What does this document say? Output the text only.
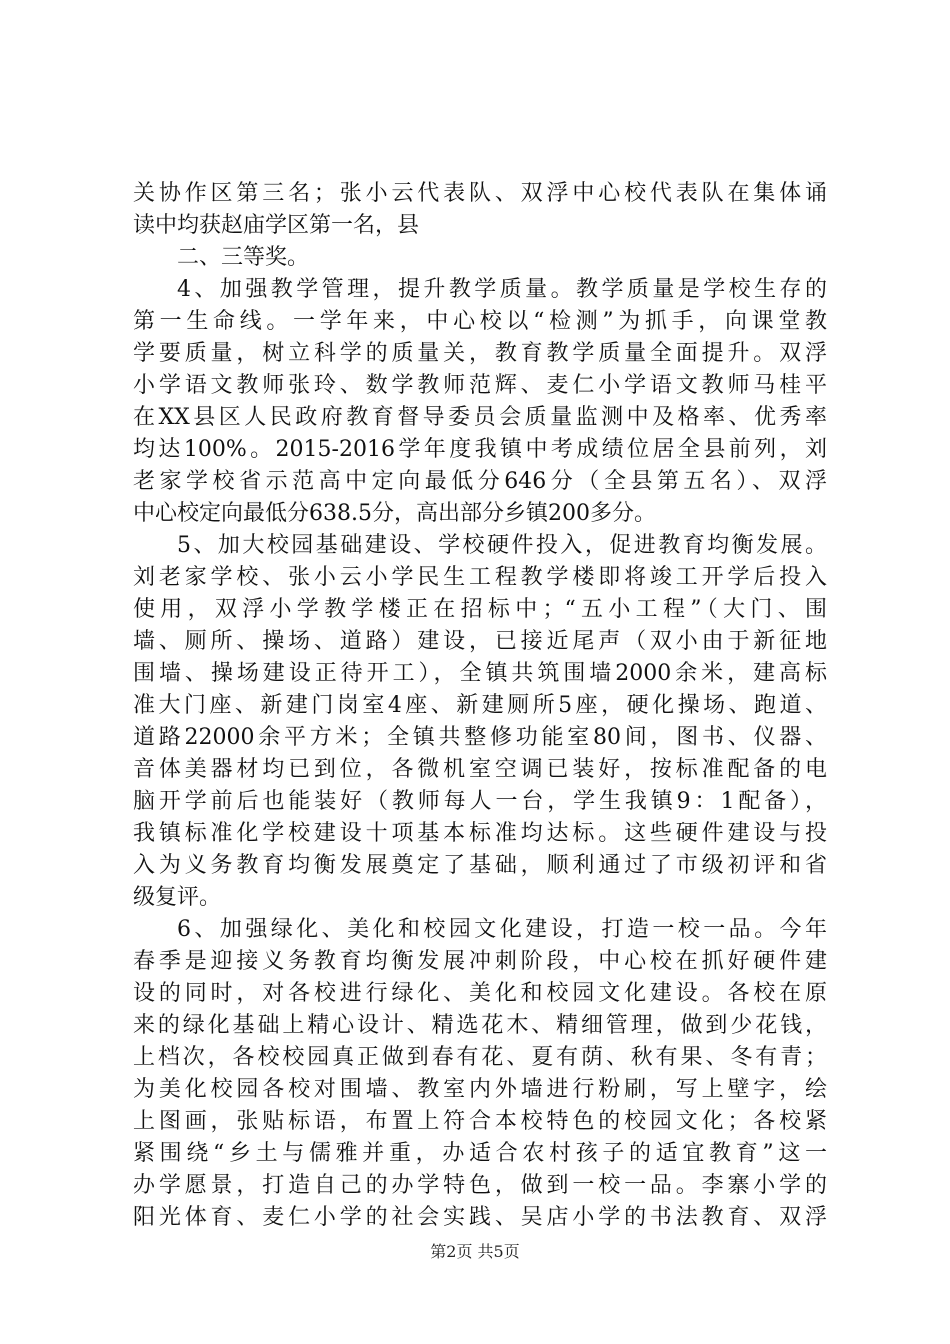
关协作区第三名；张小云代表队、双浮中心校代表队在集体诵
读中均获赵庙学区第一名，县
二、三等奖。
4、加强教学管理，提升教学质量。教学质量是学校生存的
第一生命线。一学年来，中心校以“检测”为抓手，向课堂教
学要质量，树立科学的质量关，教育教学质量全面提升。双浮
小学语文教师张玲、数学教师范辉、麦仁小学语文教师马桂平
在XX县区人民政府教育督导委员会质量监测中及格率、优秀率
均达100%。2015-2016学年度我镇中考成绩位居全县前列，刘
老家学校省示范高中定向最低分646分（全县第五名）、双浮
中心校定向最低分638.5分，高出部分乡镇200多分。
5、加大校园基础建设、学校硬件投入，促进教育均衡发展。
刘老家学校、张小云小学民生工程教学楼即将竣工开学后投入
使用，双浮小学教学楼正在招标中；“五小工程”（大门、围
墙、厕所、操场、道路）建设，已接近尾声（双小由于新征地
围墙、操场建设正待开工），全镇共筑围墙2000余米，建高标
准大门座、新建门岗室4座、新建厕所5座，硬化操场、跑道、
道路22000余平方米；全镇共整修功能室80间，图书、仪器、
音体美器材均已到位，各微机室空调已装好，按标准配备的电
脑开学前后也能装好（教师每人一台，学生我镇9：1配备），
我镇标准化学校建设十项基本标准均达标。这些硬件建设与投
入为义务教育均衡发展奠定了基础，顺利通过了市级初评和省
级复评。
6、加强绿化、美化和校园文化建设，打造一校一品。今年
春季是迎接义务教育均衡发展冲刺阶段，中心校在抓好硬件建
设的同时，对各校进行绿化、美化和校园文化建设。各校在原
来的绿化基础上精心设计、精选花木、精细管理，做到少花钱，
上档次，各校校园真正做到春有花、夏有荫、秋有果、冬有青；
为美化校园各校对围墙、教室内外墙进行粉刷，写上壁字，绘
上图画，张贴标语，布置上符合本校特色的校园文化；各校紧
紧围绕“乡土与儒雅并重，办适合农村孩子的适宜教育”这一
办学愿景，打造自己的办学特色，做到一校一品。李寨小学的
阳光体育、麦仁小学的社会实践、吴店小学的书法教育、双浮
第2页 共5页
